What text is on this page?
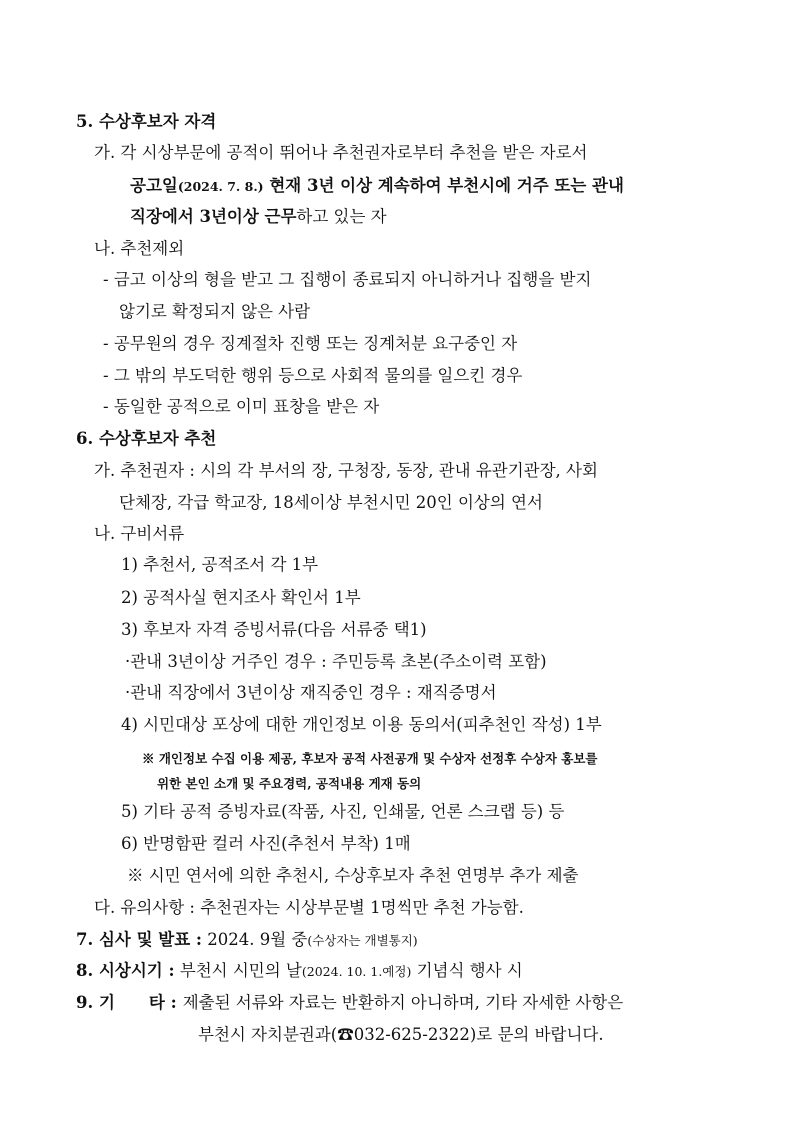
5. 수상후보자 자격
가. 각 시상부문에 공적이 뛰어나 추천권자로부터 추천을 받은 자로서
공고일(2024. 7. 8.) 현재 3년 이상 계속하여 부천시에 거주 또는 관내
직장에서 3년이상 근무하고 있는 자
나. 추천제외
- 금고 이상의 형을 받고 그 집행이 종료되지 아니하거나 집행을 받지
않기로 확정되지 않은 사람
- 공무원의 경우 징계절차 진행 또는 징계처분 요구중인 자
- 그 밖의 부도덕한 행위 등으로 사회적 물의를 일으킨 경우
- 동일한 공적으로 이미 표창을 받은 자
6. 수상후보자 추천
가. 추천권자 : 시의 각 부서의 장, 구청장, 동장, 관내 유관기관장, 사회
단체장, 각급 학교장, 18세이상 부천시민 20인 이상의 연서
나. 구비서류
1) 추천서, 공적조서 각 1부
2) 공적사실 현지조사 확인서 1부
3) 후보자 자격 증빙서류(다음 서류중 택1)
·관내 3년이상 거주인 경우 : 주민등록 초본(주소이력 포함)
·관내 직장에서 3년이상 재직중인 경우 : 재직증명서
4) 시민대상 포상에 대한 개인정보 이용 동의서(피추천인 작성) 1부
※ 개인정보 수집 이용 제공, 후보자 공적 사전공개 및 수상자 선정후 수상자 홍보를
위한 본인 소개 및 주요경력, 공적내용 게재 동의
5) 기타 공적 증빙자료(작품, 사진, 인쇄물, 언론 스크랩 등) 등
6) 반명함판 컬러 사진(추천서 부착) 1매
※ 시민 연서에 의한 추천시, 수상후보자 추천 연명부 추가 제출
다. 유의사항 : 추천권자는 시상부문별 1명씩만 추천 가능함.
7. 심사 및 발표 : 2024. 9월 중(수상자는 개별통지)
8. 시상시기 : 부천시 시민의 날(2024. 10. 1.예정) 기념식 행사 시
9. 기 타 : 제출된 서류와 자료는 반환하지 아니하며, 기타 자세한 사항은
부천시 자치분권과(☎032-625-2322)로 문의 바랍니다.
